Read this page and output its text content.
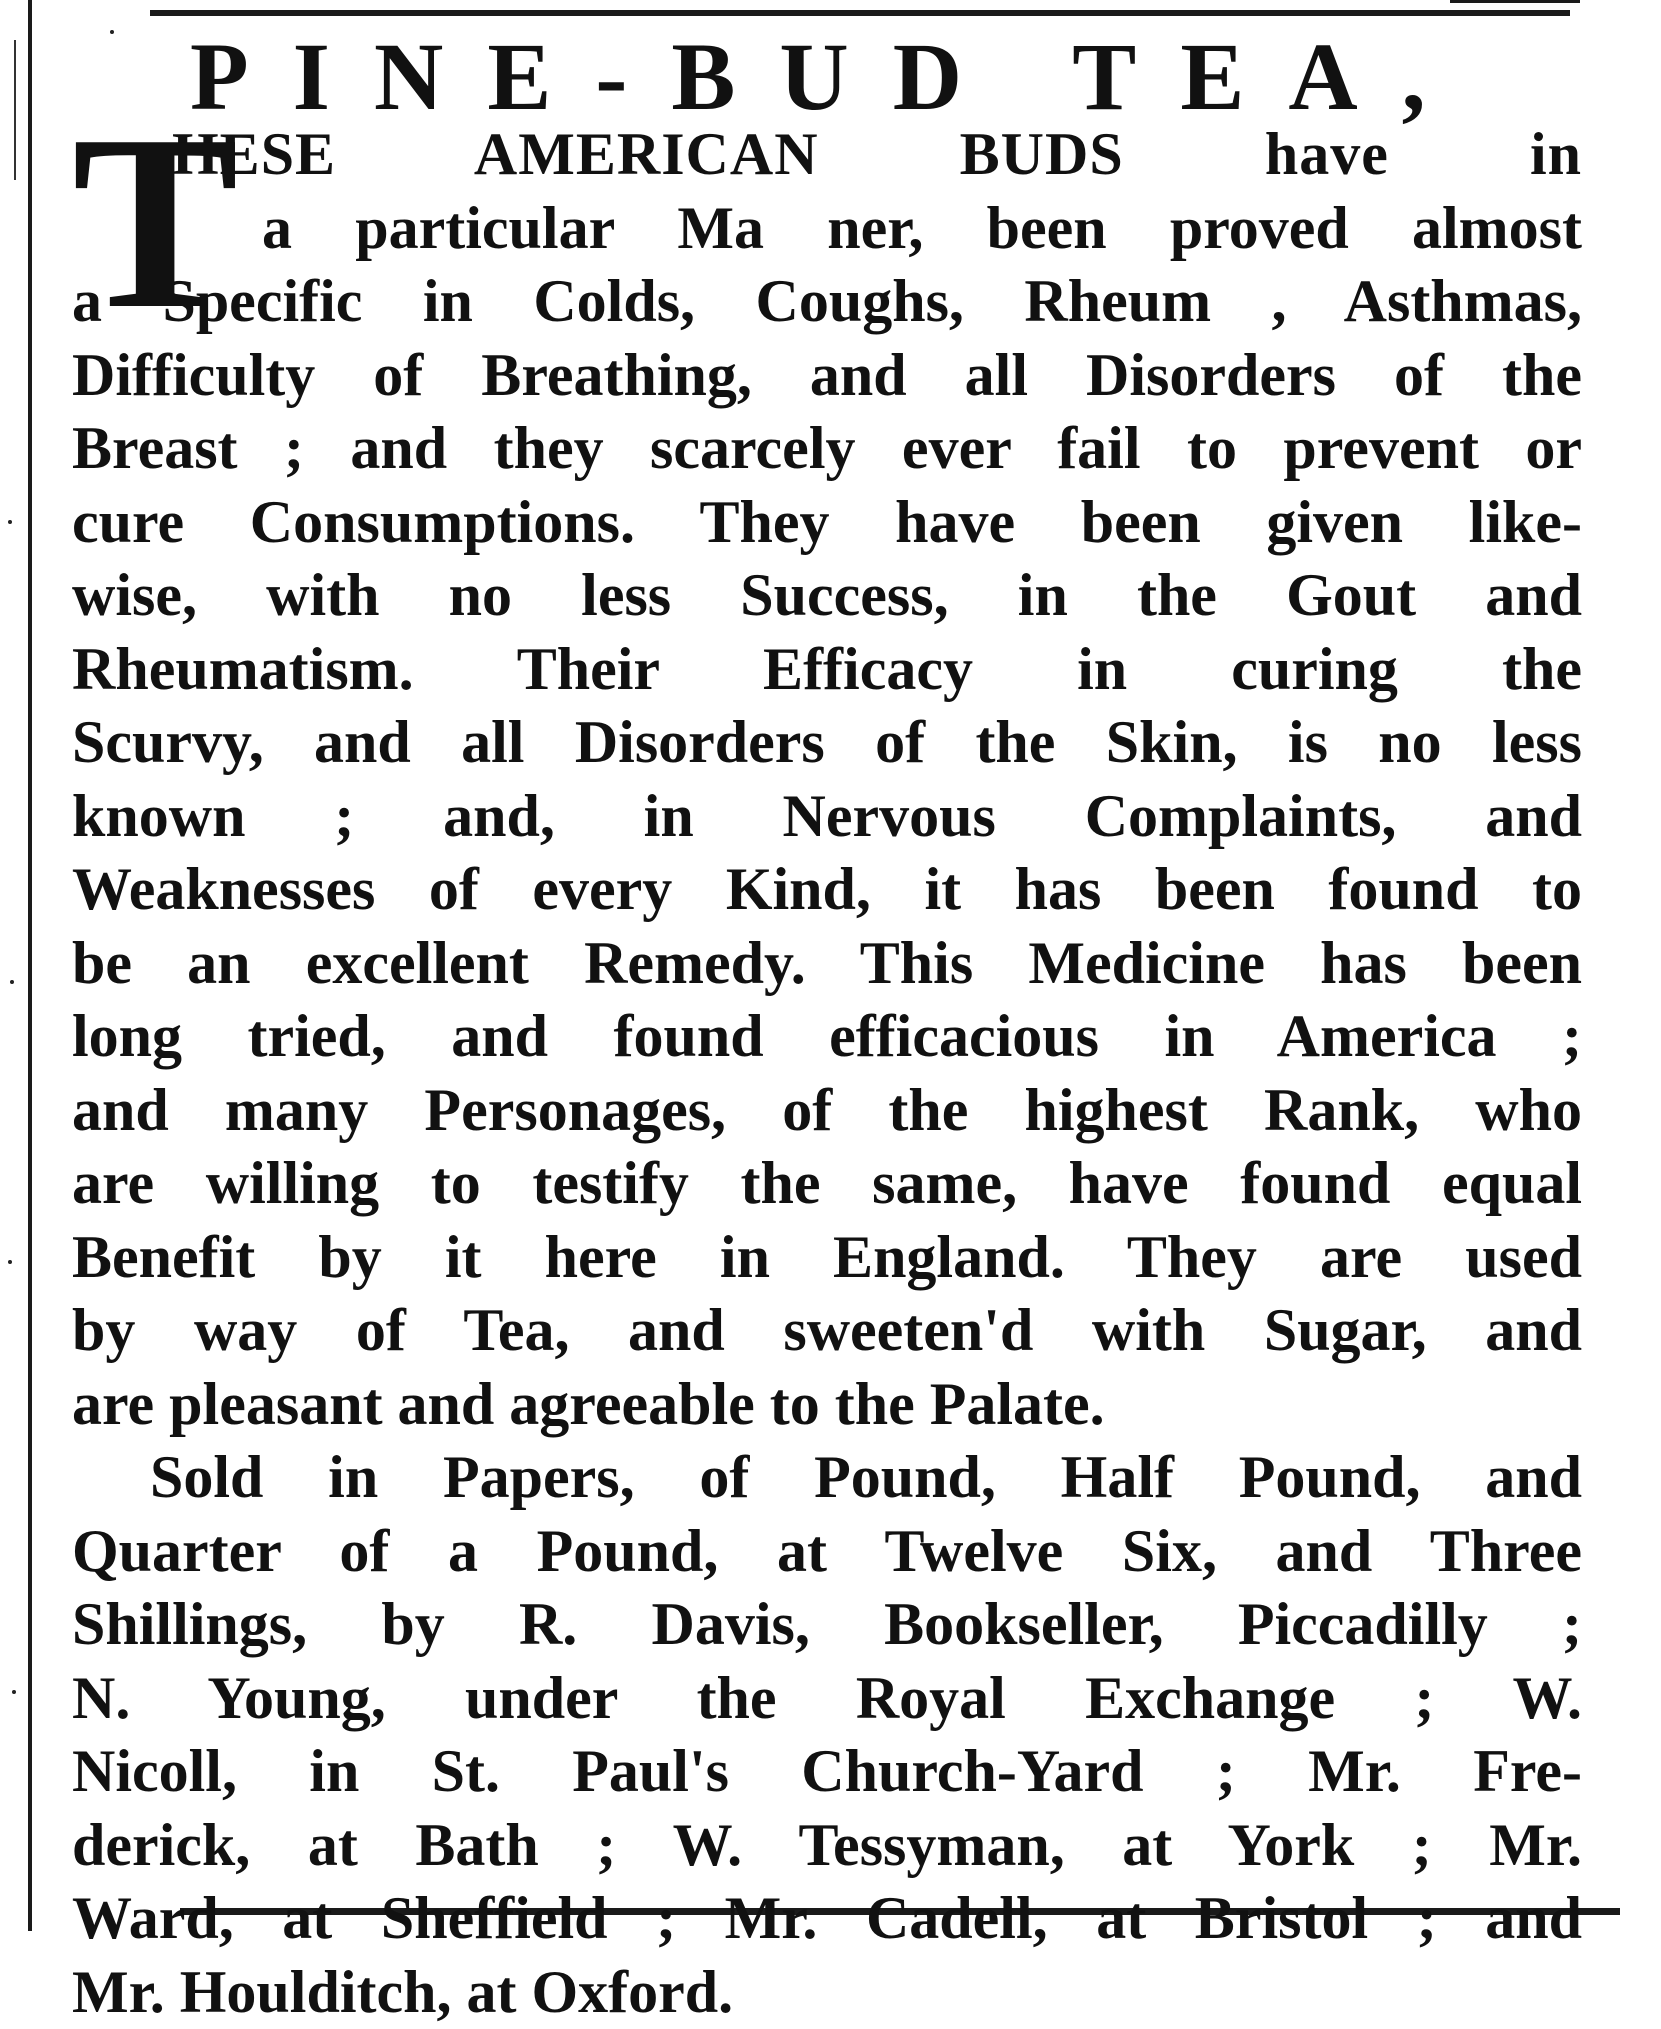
PINE-BUD TEA,
T
HESE AMERICAN BUDS have in
a particular Ma ner, been proved almost
a Specific in Colds, Coughs, Rheum , Asthmas,
Difficulty of Breathing, and all Disorders of the
Breast ; and they scarcely ever fail to prevent or
cure Consumptions. They have been given like-
wise, with no less Success, in the Gout and
Rheumatism. Their Efficacy in curing the
Scurvy, and all Disorders of the Skin, is no less
known ; and, in Nervous Complaints, and
Weaknesses of every Kind, it has been found to
be an excellent Remedy. This Medicine has been
long tried, and found efficacious in America ;
and many Personages, of the highest Rank, who
are willing to testify the same, have found equal
Benefit by it here in England. They are used
by way of Tea, and sweeten'd with Sugar, and
are pleasant and agreeable to the Palate.
Sold in Papers, of Pound, Half Pound, and
Quarter of a Pound, at Twelve Six, and Three
Shillings, by R. Davis, Bookseller, Piccadilly ;
N. Young, under the Royal Exchange ; W.
Nicoll, in St. Paul's Church-Yard ; Mr. Fre-
derick, at Bath ; W. Tessyman, at York ; Mr.
Ward, at Sheffield ; Mr. Cadell, at Bristol ; and
Mr. Houlditch, at Oxford.
